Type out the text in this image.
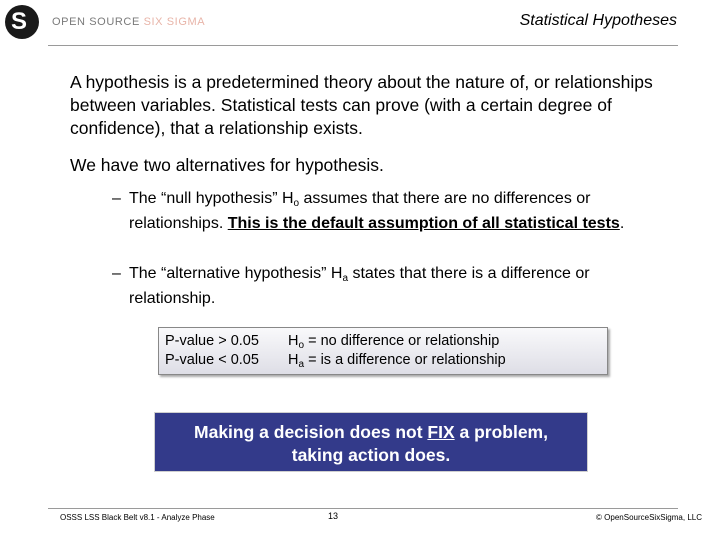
S OPEN SOURCE SIX SIGMA	Statistical Hypotheses
A hypothesis is a predetermined theory about the nature of, or relationships between variables. Statistical tests can prove (with a certain degree of confidence), that a relationship exists.
We have two alternatives for hypothesis.
– The “null hypothesis” Ho assumes that there are no differences or relationships. This is the default assumption of all statistical tests.
– The “alternative hypothesis” Ha states that there is a difference or relationship.
P-value > 0.05 $H_o$ = no difference or relationship
P-value < 0.05 $H_a$ = is a difference or relationship
Making a decision does not FIX a problem,
taking action does.
OSSS LSS Black Belt v8.1 - Analyze Phase	13	© OpenSourceSixSigma, LLC
